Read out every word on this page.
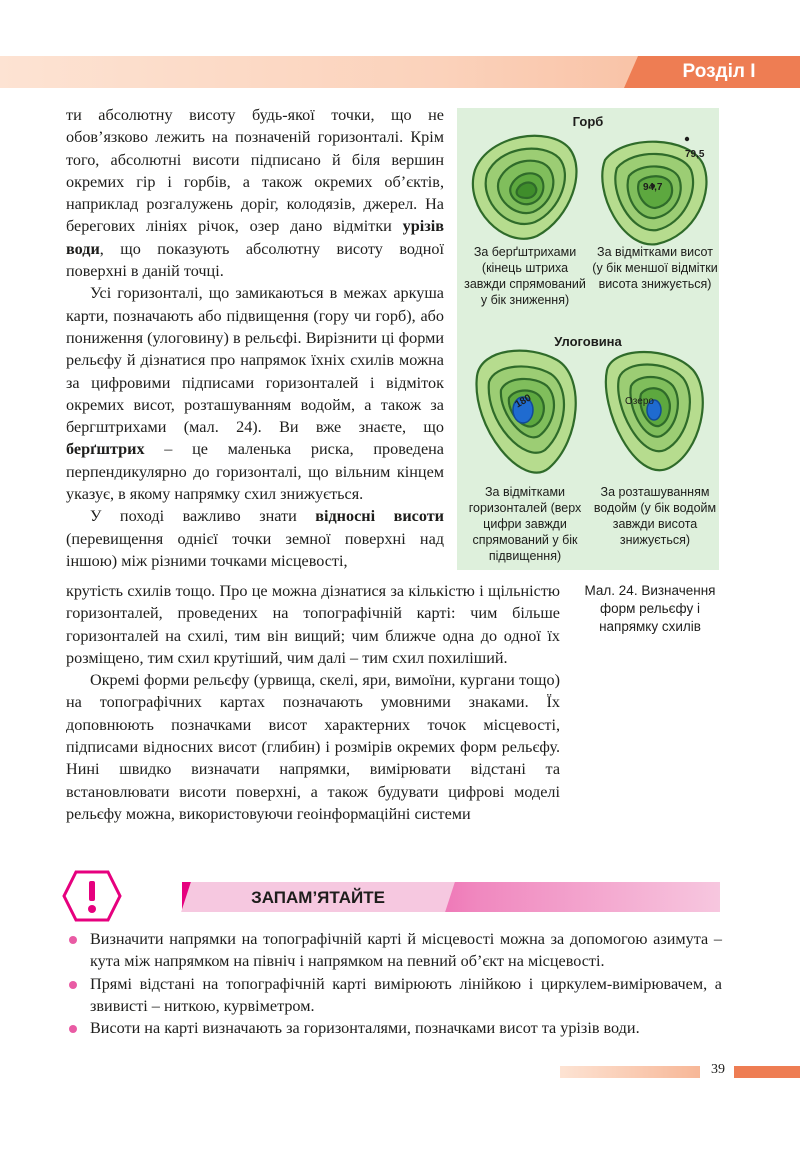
Розділ І

ти абсолютну висоту будь-якої точки, що не обов’язково лежить на позначеній горизонталі. Крім того, абсолютні висоти підписано й біля вершин окремих гір і горбів, а також окремих об’єктів, наприклад розгалужень доріг, колодязів, джерел. На берегових лініях річок, озер дано відмітки урізів води, що показують абсолютну висоту водної поверхні в даній точці.

Усі горизонталі, що замикаються в межах аркуша карти, позначають або підвищення (гору чи горб), або пониження (улоговину) в рельєфі. Вирізнити ці форми рельєфу й дізнатися про напрямок їхніх схилів можна за цифровими підписами горизонталей і відміток окремих висот, розташуванням водойм, а також за бергштрихами (мал. 24). Ви вже знаєте, що берґштрих – це маленька риска, проведена перпендикулярно до горизонталі, що вільним кінцем указує, в якому напрямку схил знижується.

У поході важливо знати відносні висоти (перевищення однієї точки земної поверхні над іншою) між різними точками місцевості,

крутість схилів тощо. Про це можна дізнатися за кількістю і щільністю горизонталей, проведених на топографічній карті: чим більше горизонталей на схилі, тим він вищий; чим ближче одна до одної їх розміщено, тим схил крутіший, чим далі – тим схил похиліший.

Окремі форми рельєфу (урвища, скелі, яри, вимоїни, кургани тощо) на топографічних картах позначають умовними знаками. Їх доповнюють позначками висот характерних точок місцевості, підписами відносних висот (глибин) і розмірів окремих форм рельєфу. Нині швидко визначати напрямки, вимірювати відстані та встановлювати висоти поверхні, а також будувати цифрові моделі рельєфу можна, використовуючи геоінформаційні системи

Горб
79,5
94,7
За берґштрихами (кінець штриха завжди спрямований у бік зниження)
За відмітками висот (у бік меншої відмітки висота знижується)
Улоговина
180	Озеро
За відмітками горизонталей (верх цифри завжди спрямований у бік підвищення)
За розташуванням водойм (у бік водойм завжди висота знижується)
Мал. 24. Визначення форм рельєфу і напрямку схилів
ЗАПАМ’ЯТАЙТЕ
Визначити напрямки на топографічній карті й місцевості можна за допомогою азимута – кута між напрямком на північ і напрямком на певний об’єкт на місцевості.
Прямі відстані на топографічній карті вимірюють лінійкою і циркулем-вимірювачем, а звивисті – ниткою, курвіметром.
Висоти на карті визначають за горизонталями, позначками висот та урізів води.
39
